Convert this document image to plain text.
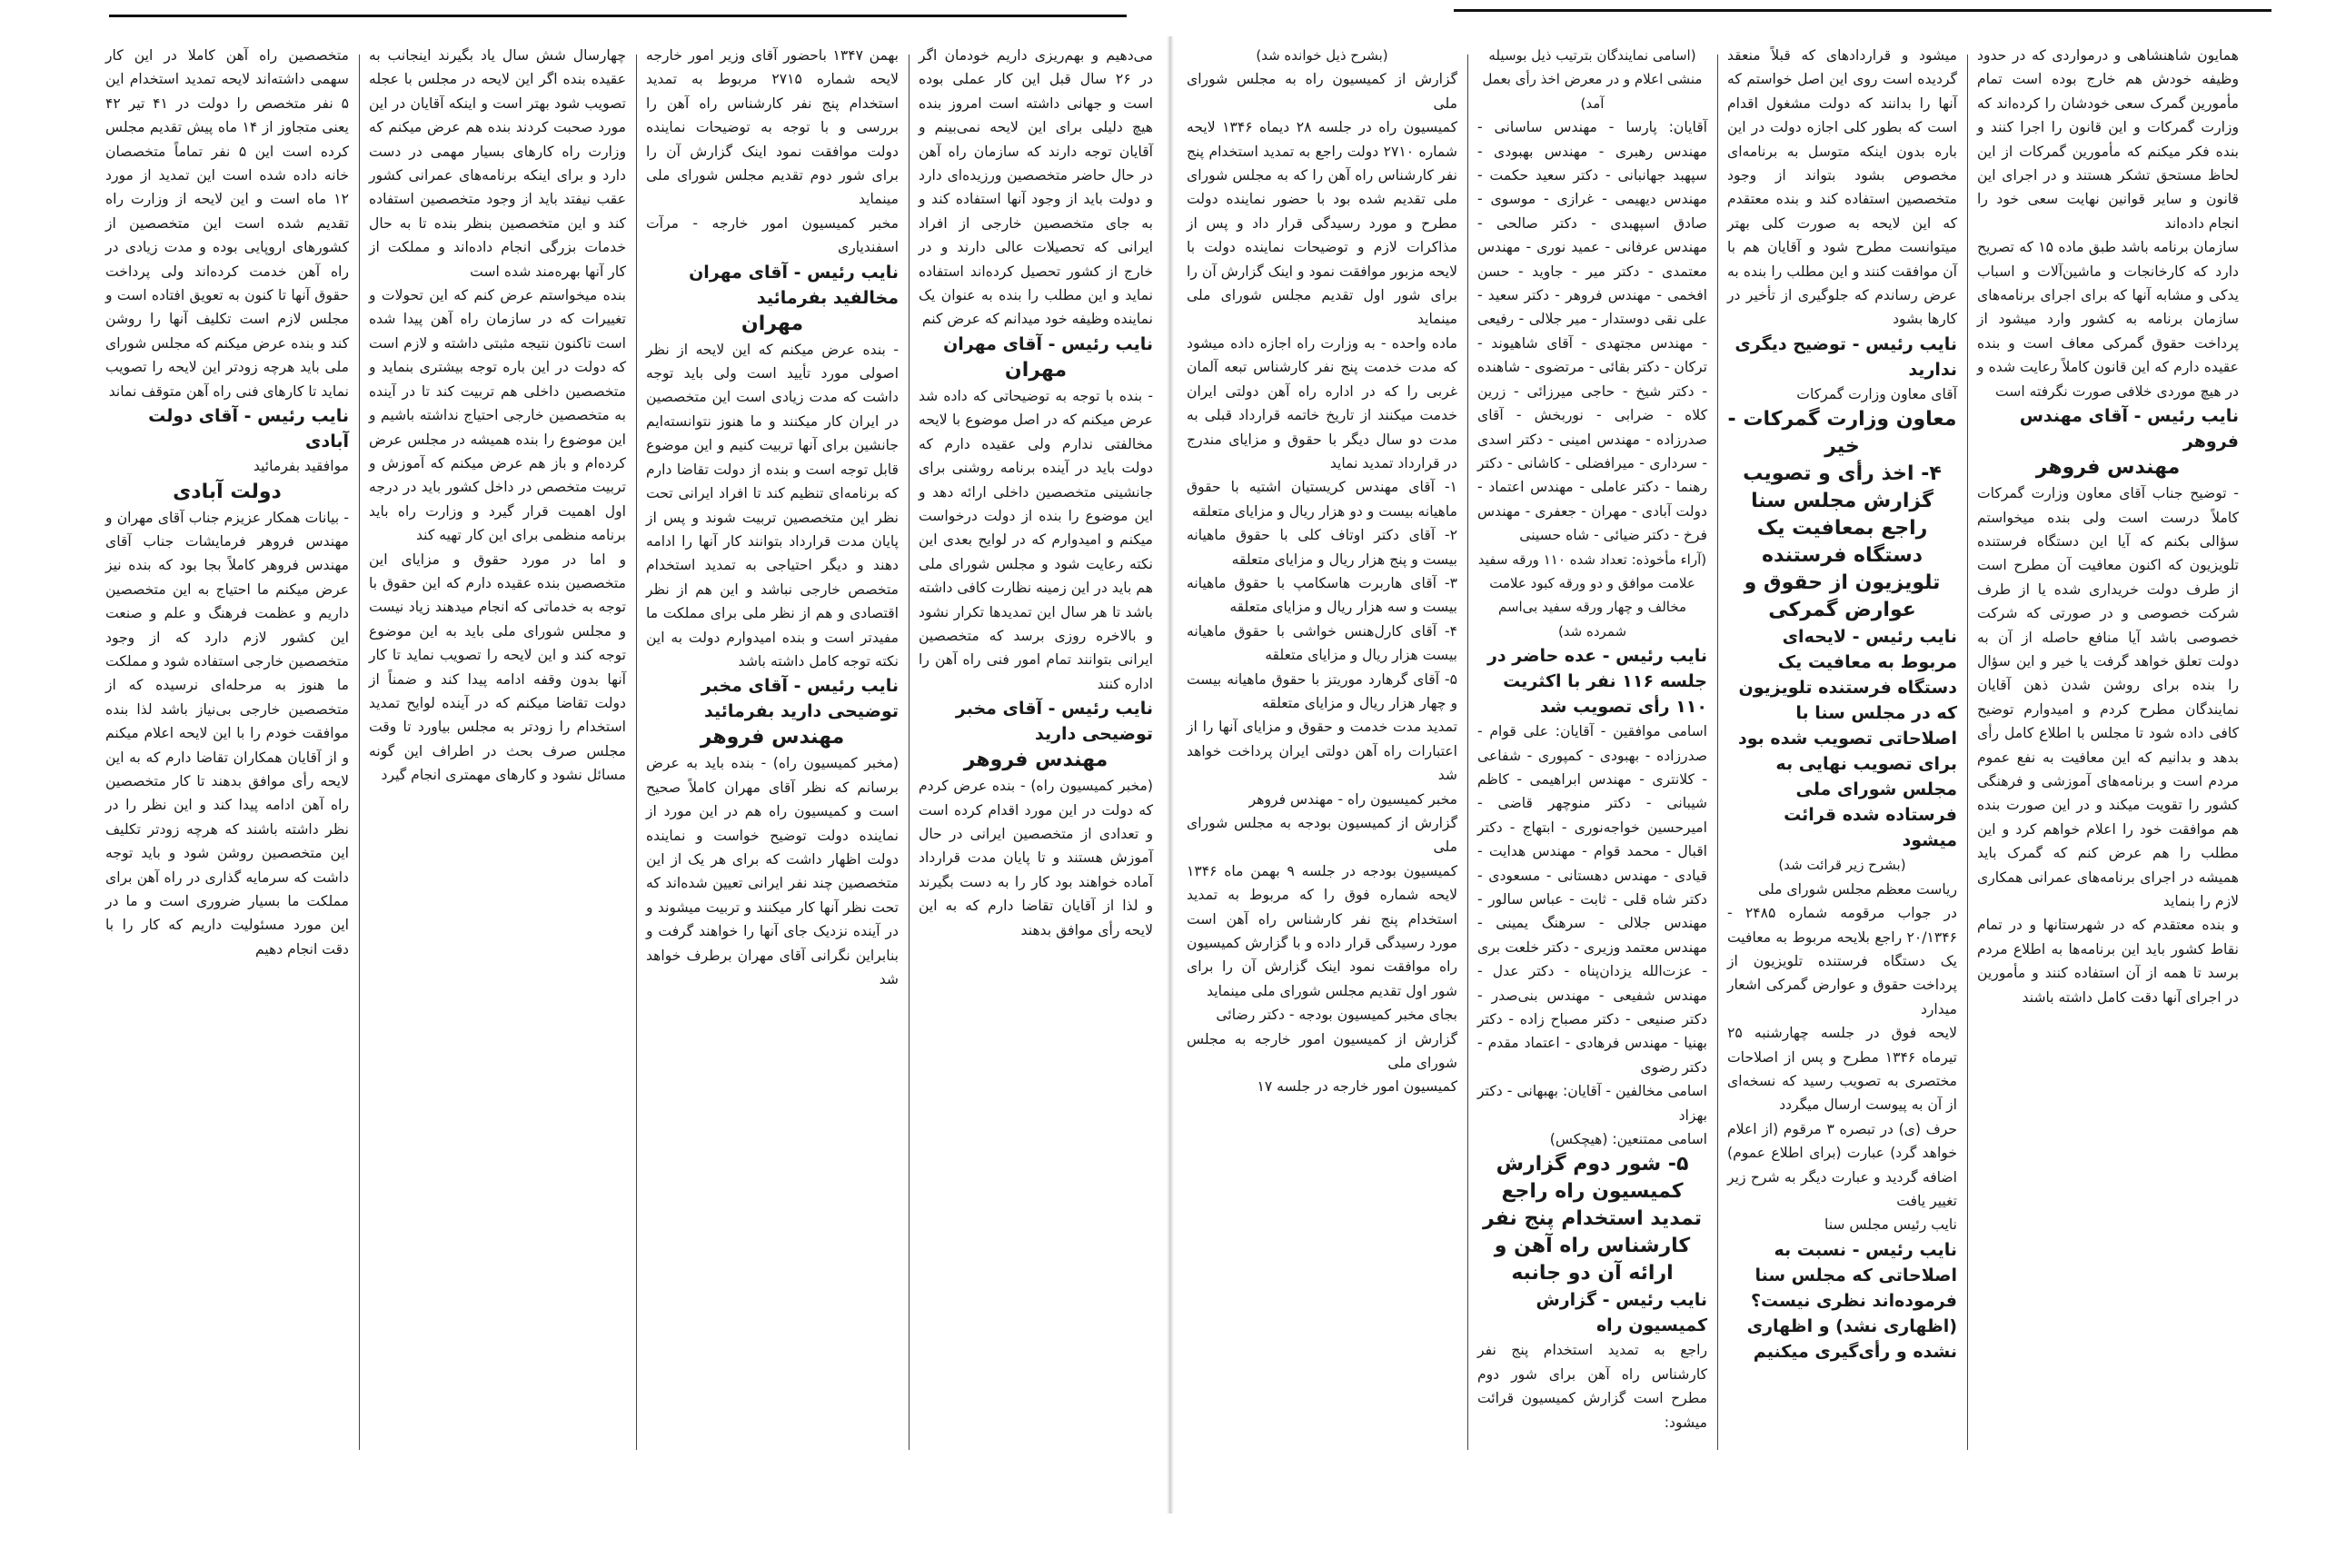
متخصصین راه آهن کاملا در این کار سهمی داشته‌اند لایحه تمدید استخدام این ۵ نفر متخصص را دولت در ۴۱ تیر ۴۲ یعنی متجاوز از ۱۴ ماه پیش تقدیم مجلس کرده است این ۵ نفر تماماً متخصصان خانه داده شده است این تمدید از مورد ۱۲ ماه است و این لایحه از وزارت راه تقدیم شده است این متخصصین از کشورهای اروپایی بوده و مدت زیادی در راه آهن خدمت کرده‌اند ولی پرداخت حقوق آنها تا کنون به تعویق افتاده است و مجلس لازم است تکلیف آنها را روشن کند و بنده عرض میکنم که مجلس شورای ملی باید هرچه زودتر این لایحه را تصویب نماید تا کارهای فنی راه آهن متوقف نماند

نایب رئیس - آقای دولت آبادی

موافقید بفرمائید

دولت آبادی

- بیانات همکار عزیزم جناب آقای مهران و مهندس فروهر فرمایشات جناب آقای مهندس فروهر کاملاً بجا بود که بنده نیز عرض میکنم ما احتیاج به این متخصصین داریم و عظمت فرهنگ و علم و صنعت این کشور لازم دارد که از وجود متخصصین خارجی استفاده شود و مملکت ما هنوز به مرحله‌ای نرسیده که از متخصصین خارجی بی‌نیاز باشد لذا بنده موافقت خودم را با این لایحه اعلام میکنم و از آقایان همکاران تقاضا دارم که به این لایحه رأی موافق بدهند تا کار متخصصین راه آهن ادامه پیدا کند و این نظر را در نظر داشته باشند که هرچه زودتر تکلیف این متخصصین روشن شود و باید توجه داشت که سرمایه گذاری در راه آهن برای مملکت ما بسیار ضروری است و ما در این مورد مسئولیت داریم که کار را با دقت انجام دهیم

چهارسال شش سال یاد بگیرند اینجانب به عقیده بنده اگر این لایحه در مجلس با عجله تصویب شود بهتر است و اینکه آقایان در این مورد صحبت کردند بنده هم عرض میکنم که وزارت راه کارهای بسیار مهمی در دست دارد و برای اینکه برنامه‌های عمرانی کشور عقب نیفتد باید از وجود متخصصین استفاده کند و این متخصصین بنظر بنده تا به حال خدمات بزرگی انجام داده‌اند و مملکت از کار آنها بهره‌مند شده است

بنده میخواستم عرض کنم که این تحولات و تغییرات که در سازمان راه آهن پیدا شده است تاکنون نتیجه مثبتی داشته و لازم است که دولت در این باره توجه بیشتری بنماید و متخصصین داخلی هم تربیت کند تا در آینده به متخصصین خارجی احتیاج نداشته باشیم و این موضوع را بنده همیشه در مجلس عرض کرده‌ام و باز هم عرض میکنم که آموزش و تربیت متخصص در داخل کشور باید در درجه اول اهمیت قرار گیرد و وزارت راه باید برنامه منظمی برای این کار تهیه کند

و اما در مورد حقوق و مزایای این متخصصین بنده عقیده دارم که این حقوق با توجه به خدماتی که انجام میدهند زیاد نیست و مجلس شورای ملی باید به این موضوع توجه کند و این لایحه را تصویب نماید تا کار آنها بدون وقفه ادامه پیدا کند و ضمناً از دولت تقاضا میکنم که در آینده لوایح تمدید استخدام را زودتر به مجلس بیاورد تا وقت مجلس صرف بحث در اطراف این گونه مسائل نشود و کارهای مهمتری انجام گیرد

بهمن ۱۳۴۷ باحضور آقای وزیر امور خارجه لایحه شماره ۲۷۱۵ مربوط به تمدید استخدام پنج نفر کارشناس راه آهن را بررسی و با توجه به توضیحات نماینده دولت موافقت نمود اینک گزارش آن را برای شور دوم تقدیم مجلس شورای ملی مینماید

مخبر کمیسیون امور خارجه - مرآت اسفندیاری

نایب رئیس - آقای مهران مخالفید بفرمائید

مهران

- بنده عرض میکنم که این لایحه از نظر اصولی مورد تأیید است ولی باید توجه داشت که مدت زیادی است این متخصصین در ایران کار میکنند و ما هنوز نتوانسته‌ایم جانشین برای آنها تربیت کنیم و این موضوع قابل توجه است و بنده از دولت تقاضا دارم که برنامه‌ای تنظیم کند تا افراد ایرانی تحت نظر این متخصصین تربیت شوند و پس از پایان مدت قرارداد بتوانند کار آنها را ادامه دهند و دیگر احتیاجی به تمدید استخدام متخصص خارجی نباشد و این هم از نظر اقتصادی و هم از نظر ملی برای مملکت ما مفیدتر است و بنده امیدوارم دولت به این نکته توجه کامل داشته باشد

نایب رئیس - آقای مخبر توضیحی دارید بفرمائید

مهندس فروهر

(مخبر کمیسیون راه) - بنده باید به عرض برسانم که نظر آقای مهران کاملاً صحیح است و کمیسیون راه هم در این مورد از نماینده دولت توضیح خواست و نماینده دولت اظهار داشت که برای هر یک از این متخصصین چند نفر ایرانی تعیین شده‌اند که تحت نظر آنها کار میکنند و تربیت میشوند و در آینده نزدیک جای آنها را خواهند گرفت و بنابراین نگرانی آقای مهران برطرف خواهد شد

می‌دهیم و بهم‌ریزی داریم خودمان اگر در ۲۶ سال قبل این کار عملی بوده است و جهانی داشته است امروز بنده هیچ دلیلی برای این لایحه نمی‌بینم و آقایان توجه دارند که سازمان راه آهن در حال حاضر متخصصین ورزیده‌ای دارد و دولت باید از وجود آنها استفاده کند و به جای متخصصین خارجی از افراد ایرانی که تحصیلات عالی دارند و در خارج از کشور تحصیل کرده‌اند استفاده نماید و این مطلب را بنده به عنوان یک نماینده وظیفه خود میدانم که عرض کنم

نایب رئیس - آقای مهران

مهران

- بنده با توجه به توضیحاتی که داده شد عرض میکنم که در اصل موضوع با لایحه مخالفتی ندارم ولی عقیده دارم که دولت باید در آینده برنامه روشنی برای جانشینی متخصصین داخلی ارائه دهد و این موضوع را بنده از دولت درخواست میکنم و امیدوارم که در لوایح بعدی این نکته رعایت شود و مجلس شورای ملی هم باید در این زمینه نظارت کافی داشته باشد تا هر سال این تمدیدها تکرار نشود و بالاخره روزی برسد که متخصصین ایرانی بتوانند تمام امور فنی راه آهن را اداره کنند

نایب رئیس - آقای مخبر توضیحی دارید

مهندس فروهر

(مخبر کمیسیون راه) - بنده عرض کردم که دولت در این مورد اقدام کرده است و تعدادی از متخصصین ایرانی در حال آموزش هستند و تا پایان مدت قرارداد آماده خواهند بود کار را به دست بگیرند و لذا از آقایان تقاضا دارم که به این لایحه رأی موافق بدهند

(بشرح ذیل خوانده شد)

گزارش از کمیسیون راه به مجلس شورای ملی

کمیسیون راه در جلسه ۲۸ دیماه ۱۳۴۶ لایحه شماره ۲۷۱۰ دولت راجع به تمدید استخدام پنج نفر کارشناس راه آهن را که به مجلس شورای ملی تقدیم شده بود با حضور نماینده دولت مطرح و مورد رسیدگی قرار داد و پس از مذاکرات لازم و توضیحات نماینده دولت با لایحه مزبور موافقت نمود و اینک گزارش آن را برای شور اول تقدیم مجلس شورای ملی مینماید

ماده واحده - به وزارت راه اجازه داده میشود که مدت خدمت پنج نفر کارشناس تبعه آلمان غربی را که در اداره راه آهن دولتی ایران خدمت میکنند از تاریخ خاتمه قرارداد قبلی به مدت دو سال دیگر با حقوق و مزایای مندرج در قرارداد تمدید نماید

۱- آقای مهندس کریستیان اشتیه با حقوق ماهیانه بیست و دو هزار ریال و مزایای متعلقه

۲- آقای دکتر اوتاف کلی با حقوق ماهیانه بیست و پنج هزار ریال و مزایای متعلقه

۳- آقای هاربرت هاسکامپ با حقوق ماهیانه بیست و سه هزار ریال و مزایای متعلقه

۴- آقای کارل‌هنس خواشی با حقوق ماهیانه بیست هزار ریال و مزایای متعلقه

۵- آقای گرهارد موریتز با حقوق ماهیانه بیست و چهار هزار ریال و مزایای متعلقه

تمدید مدت خدمت و حقوق و مزایای آنها را از اعتبارات راه آهن دولتی ایران پرداخت خواهد شد

مخبر کمیسیون راه - مهندس فروهر

گزارش از کمیسیون بودجه به مجلس شورای ملی

کمیسیون بودجه در جلسه ۹ بهمن ماه ۱۳۴۶ لایحه شماره فوق را که مربوط به تمدید استخدام پنج نفر کارشناس راه آهن است مورد رسیدگی قرار داده و با گزارش کمیسیون راه موافقت نمود اینک گزارش آن را برای شور اول تقدیم مجلس شورای ملی مینماید

بجای مخبر کمیسیون بودجه - دکتر رضائی

گزارش از کمیسیون امور خارجه به مجلس شورای ملی

کمیسیون امور خارجه در جلسه ۱۷

(اسامی نمایندگان بترتیب ذیل بوسیله منشی اعلام و در معرض اخذ رأی بعمل آمد)

آقایان: پارسا - مهندس ساسانی - مهندس رهبری - مهندس بهبودی - سپهبد جهانبانی - دکتر سعید حکمت - مهندس دیهیمی - غرازی - موسوی - صادق اسپهبدی - دکتر صالحی - مهندس عرفانی - عمید نوری - مهندس معتمدی - دکتر میر - جاوید - حسن افخمی - مهندس فروهر - دکتر سعید - علی نقی دوستدار - میر جلالی - رفیعی - مهندس مجتهدی - آقای شاهیوند - ترکان - دکتر بقائی - مرتضوی - شاهنده - دکتر شیخ - حاجی میرزائی - زرین کلاه - ضرابی - نوربخش - آقای صدرزاده - مهندس امینی - دکتر اسدی - سرداری - میرافضلی - کاشانی - دکتر رهنما - دکتر عاملی - مهندس اعتماد - دولت آبادی - مهران - جعفری - مهندس فرخ - دکتر ضیائی - شاه حسینی

(آراء مأخوذه: تعداد شده ۱۱۰ ورقه سفید علامت موافق و دو ورقه کبود علامت مخالف و چهار ورقه سفید بی‌اسم شمرده شد)

نایب رئیس - عده حاضر در جلسه ۱۱۶ نفر با اکثریت ۱۱۰ رأی تصویب شد

اسامی موافقین - آقایان: علی قوام - صدرزاده - بهبودی - کمپوری - شفاعی - کلانتری - مهندس ابراهیمی - کاظم شیبانی - دکتر منوچهر قاضی - امیرحسین خواجه‌نوری - ابتهاج - دکتر اقبال - محمد قوام - مهندس هدایت - قیادی - مهندس دهستانی - مسعودی - دکتر شاه قلی - ثابت - عباس سالور - مهندس جلالی - سرهنگ یمینی - مهندس معتمد وزیری - دکتر خلعت بری - عزت‌الله یزدان‌پناه - دکتر عدل - مهندس شفیعی - مهندس بنی‌صدر - دکتر صنیعی - دکتر مصباح زاده - دکتر بهنیا - مهندس فرهادی - اعتماد مقدم - دکتر رضوی

اسامی مخالفین - آقایان: بهبهانی - دکتر بهزاد

اسامی ممتنعین: (هیچکس)

۵- شور دوم گزارش کمیسیون راه راجع تمدید استخدام پنج نفر کارشناس راه آهن و ارائه آن دو جانبه

نایب رئیس - گزارش کمیسیون راه

راجع به تمدید استخدام پنج نفر کارشناس راه آهن برای شور دوم مطرح است گزارش کمیسیون قرائت میشود:

میشود و قراردادهای که قبلاً منعقد گردیده است روی این اصل خواستم که آنها را بدانند که دولت مشغول اقدام است که بطور کلی اجازه دولت در این باره بدون اینکه متوسل به برنامه‌ای مخصوص بشود بتواند از وجود متخصصین استفاده کند و بنده معتقدم که این لایحه به صورت کلی بهتر میتوانست مطرح شود و آقایان هم با آن موافقت کنند و این مطلب را بنده به عرض رساندم که جلوگیری از تأخیر در کارها بشود

نایب رئیس - توضیح دیگری ندارید

آقای معاون وزارت گمرکات

معاون وزارت گمرکات - خیر

۴- اخذ رأی و تصویب گزارش مجلس سنا راجع بمعافیت یک دستگاه فرستنده تلویزیون از حقوق و عوارض گمرکی

نایب رئیس - لایحه‌ای مربوط به معافیت یک دستگاه فرستنده تلویزیون که در مجلس سنا با اصلاحاتی تصویب شده بود برای تصویب نهایی به مجلس شورای ملی فرستاده شده قرائت میشود

(بشرح زیر قرائت شد)

ریاست معظم مجلس شورای ملی

در جواب مرقومه شماره ۲۴۸۵ - ۲۰/۱۳۴۶ راجع بلایحه مربوط به معافیت یک دستگاه فرستنده تلویزیون از پرداخت حقوق و عوارض گمرکی اشعار میدارد

لایحه فوق در جلسه چهارشنبه ۲۵ تیرماه ۱۳۴۶ مطرح و پس از اصلاحات مختصری به تصویب رسید که نسخه‌ای از آن به پیوست ارسال میگردد

حرف (ی) در تبصره ۳ مرقوم (از اعلام خواهد گرد) عبارت (برای اطلاع عموم) اضافه گردید و عبارت دیگر به شرح زیر تغییر یافت

نایب رئیس مجلس سنا

نایب رئیس - نسبت به اصلاحاتی که مجلس سنا فرموده‌اند نظری نیست؟ (اظهاری نشد) و اظهاری نشده و رأی‌گیری میکنیم

همایون شاهنشاهی و درمواردی که در حدود وظیفه خودش هم خارج بوده است تمام مأمورین گمرک سعی خودشان را کرده‌اند که وزارت گمرکات و این قانون را اجرا کنند و بنده فکر میکنم که مأمورین گمرکات از این لحاظ مستحق تشکر هستند و در اجرای این قانون و سایر قوانین نهایت سعی خود را انجام داده‌اند

سازمان برنامه باشد طبق ماده ۱۵ که تصریح دارد که کارخانجات و ماشین‌آلات و اسباب یدکی و مشابه آنها که برای اجرای برنامه‌های سازمان برنامه به کشور وارد میشود از پرداخت حقوق گمرکی معاف است و بنده عقیده دارم که این قانون کاملاً رعایت شده و در هیچ موردی خلافی صورت نگرفته است

نایب رئیس - آقای مهندس فروهر

مهندس فروهر

- توضیح جناب آقای معاون وزارت گمرکات کاملاً درست است ولی بنده میخواستم سؤالی بکنم که آیا این دستگاه فرستنده تلویزیون که اکنون معافیت آن مطرح است از طرف دولت خریداری شده یا از طرف شرکت خصوصی و در صورتی که شرکت خصوصی باشد آیا منافع حاصله از آن به دولت تعلق خواهد گرفت یا خیر و این سؤال را بنده برای روشن شدن ذهن آقایان نمایندگان مطرح کردم و امیدوارم توضیح کافی داده شود تا مجلس با اطلاع کامل رأی بدهد و بدانیم که این معافیت به نفع عموم مردم است و برنامه‌های آموزشی و فرهنگی کشور را تقویت میکند و در این صورت بنده هم موافقت خود را اعلام خواهم کرد و این مطلب را هم عرض کنم که گمرک باید همیشه در اجرای برنامه‌های عمرانی همکاری لازم را بنماید

و بنده معتقدم که در شهرستانها و در تمام نقاط کشور باید این برنامه‌ها به اطلاع مردم برسد تا همه از آن استفاده کنند و مأمورین در اجرای آنها دقت کامل داشته باشند
